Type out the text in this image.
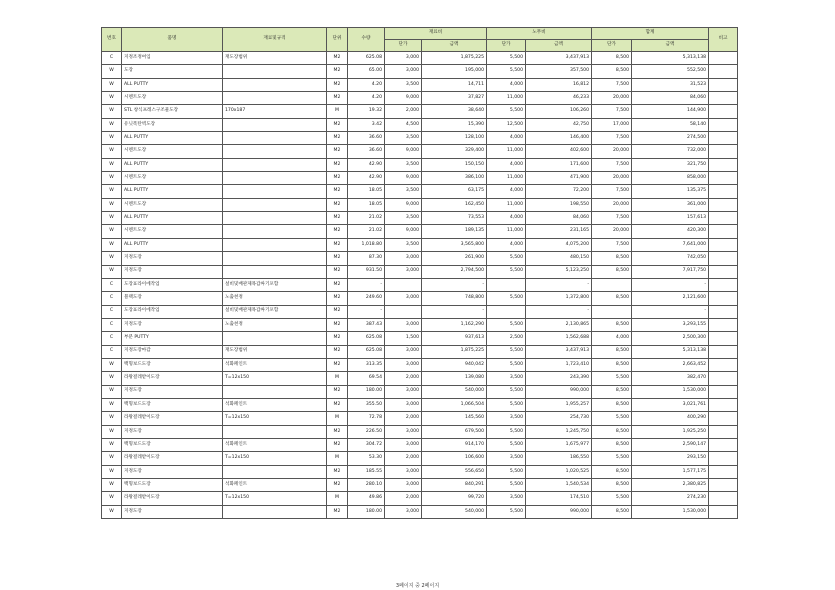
번호	품명	재료및규격	단위	수량	재료비		노무비		합계		비고
					단가	금액	단가	금액	단가	금액	
C	지정조정여입	재도장범위	M2	625.08	3,000	1,875,225	5,500	3,437,913	8,500	5,313,138	
W	도장		M2	65.00	3,000	195,000	5,500	357,500	8,500	552,500	
W	ALL PUTTY		M2	4.20	3,500	14,711	4,000	16,812	7,500	31,523	
W	시멘트도장		M2	4.20	9,000	37,827	11,000	46,233	20,000	84,060	
W	STL 창식프레스구조물도장	170x187	M	19.32	2,000	38,640	5,500	106,260	7,500	144,900	
W	유닛폭탄벽도장		M2	3.42	4,500	15,390	12,500	42,750	17,000	58,140	
W	ALL PUTTY		M2	36.60	3,500	128,100	4,000	146,400	7,500	274,500	
W	시멘트도장		M2	36.60	9,000	329,400	11,000	402,600	20,000	732,000	
W	ALL PUTTY		M2	42.90	3,500	150,150	4,000	171,600	7,500	321,750	
W	시멘트도장		M2	42.90	9,000	386,100	11,000	471,900	20,000	858,000	
W	ALL PUTTY		M2	18.05	3,500	63,175	4,000	72,200	7,500	135,375	
W	시멘트도장		M2	18.05	9,000	162,450	11,000	198,550	20,000	361,000	
W	ALL PUTTY		M2	21.02	3,500	73,553	4,000	84,060	7,500	157,613	
W	시멘트도장		M2	21.02	9,000	189,135	11,000	231,165	20,000	420,300	
W	ALL PUTTY		M2	1,018.80	3,500	3,565,800	4,000	4,075,200	7,500	7,641,000	
W	지정도장		M2	87.30	3,000	261,900	5,500	480,150	8,500	742,050	
W	지정도장		M2	931.50	3,000	2,794,500	5,500	5,123,250	8,500	7,917,750	
C	도장표라이에작업	설비및배관제목갑싸기포함	M2	-		-		-		-	
C	블랙도장	노출천정	M2	249.60	3,000	748,800	5,500	1,372,800	8,500	2,121,600	
C	도장표라이에작업	설비및배관제목갑싸기포함	M2	-		-		-		-	
C	지정도장	노출천정	M2	387.43	3,000	1,162,290	5,500	2,130,865	8,500	3,293,155	
C	부분 PUTTY		M2	625.08	1,500	937,613	2,500	1,562,688	4,000	2,500,300	
C	지정도장마감	재도장범위	M2	625.08	3,000	1,875,225	5,500	3,437,913	8,500	5,313,138	
W	백형보드도장	석화페인트	M2	313.35	3,000	940,042	5,500	1,723,410	8,500	2,663,452	
W	라왕걸레받이도장	T=12x150	M	69.54	2,000	139,080	3,500	243,390	5,500	382,470	
W	지정도장		M2	180.00	3,000	540,000	5,500	990,000	8,500	1,530,000	
W	백형보드도장	석화페인트	M2	355.50	3,000	1,066,504	5,500	1,955,257	8,500	3,021,761	
W	라왕걸레받이도장	T=12x150	M	72.78	2,000	145,560	3,500	254,730	5,500	400,290	
W	지정도장		M2	226.50	3,000	679,500	5,500	1,245,750	8,500	1,925,250	
W	백형보드도장	석화페인트	M2	304.72	3,000	914,170	5,500	1,675,977	8,500	2,590,147	
W	라왕걸레받이도장	T=12x150	M	53.30	2,000	106,600	3,500	186,550	5,500	293,150	
W	지정도장		M2	185.55	3,000	556,650	5,500	1,020,525	8,500	1,577,175	
W	백형보드도장	석화페인트	M2	280.10	3,000	840,291	5,500	1,540,534	8,500	2,380,825	
W	라왕걸레받이도장	T=12x150	M	49.86	2,000	99,720	3,500	174,510	5,500	274,230	
W	지정도장		M2	180.00	3,000	540,000	5,500	990,000	8,500	1,530,000	
3페이지 중 2페이지
